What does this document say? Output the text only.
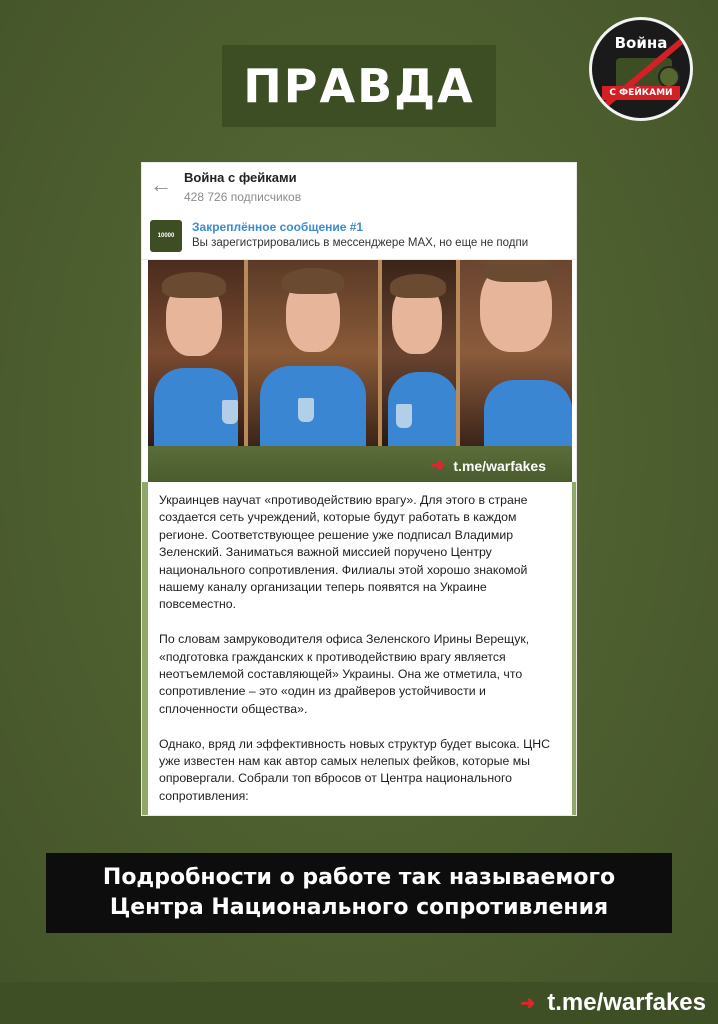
ПРАВДА
Война
С ФЕЙКАМИ
← Война с фейками
428 726 подписчиков
10000
Закреплённое сообщение #1
Вы зарегистрировались в мессенджере MAX, но еще не подпи
➜ t.me/warfakes

Украинцев научат «противодействию врагу». Для этого в стране создается сеть учреждений, которые будут работать в каждом регионе. Соответствующее решение уже подписал Владимир Зеленский. Заниматься важной миссией поручено Центру национального сопротивления. Филиалы этой хорошо знакомой нашему каналу организации теперь появятся на Украине повсеместно.

По словам замруководителя офиса Зеленского Ирины Верещук, «подготовка гражданских к противодействию врагу является неотъемлемой составляющей» Украины. Она же отметила, что сопротивление – это «один из драйверов устойчивости и сплоченности общества».

Однако, вряд ли эффективность новых структур будет высока. ЦНС уже известен нам как автор самых нелепых фейков, которые мы опровергали. Собрали топ вбросов от Центра национального сопротивления:

Подробности о работе так называемого
Центра Национального сопротивления
➜ t.me/warfakes
